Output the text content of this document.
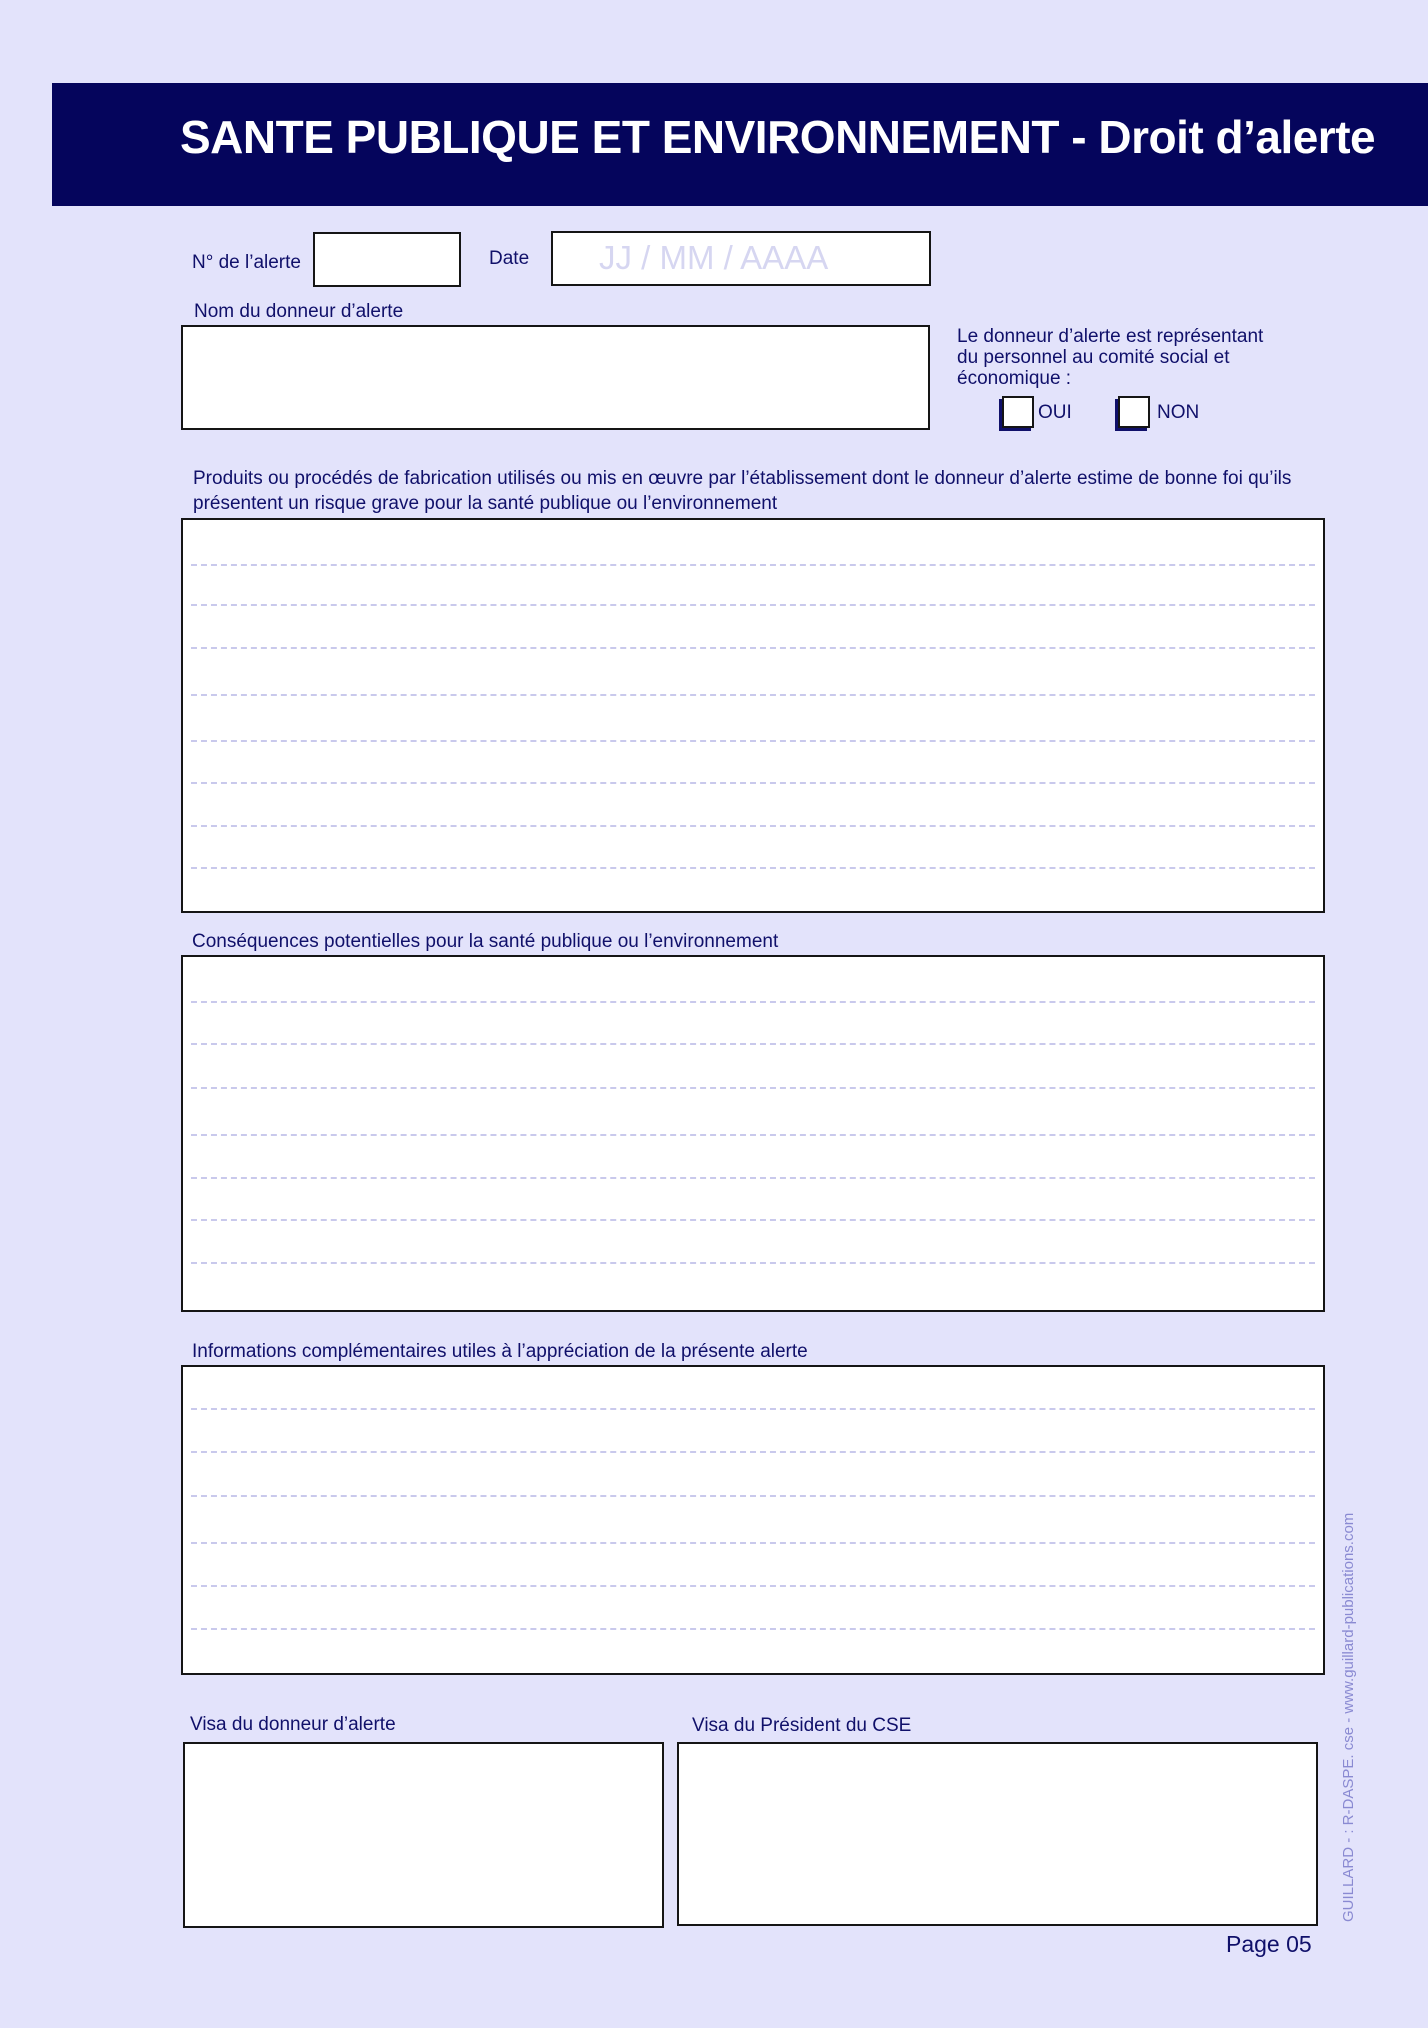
SANTE PUBLIQUE ET ENVIRONNEMENT - Droit d’alerte
N° de l’alerte	Date JJ / MM / AAAA
Nom du donneur d’alerte
Le donneur d’alerte est représentant
du personnel au comité social et
économique :
OUI	NON
Produits ou procédés de fabrication utilisés ou mis en œuvre par l’établissement dont le donneur d’alerte estime de bonne foi qu’ils
présentent un risque grave pour la santé publique ou l’environnement
Conséquences potentielles pour la santé publique ou l’environnement
Informations complémentaires utiles à l’appréciation de la présente alerte
Visa du donneur d’alerte	Visa du Président du CSE	GUILLARD - : R-DASPE. cse - www.guillard-publications.com
Page 05
